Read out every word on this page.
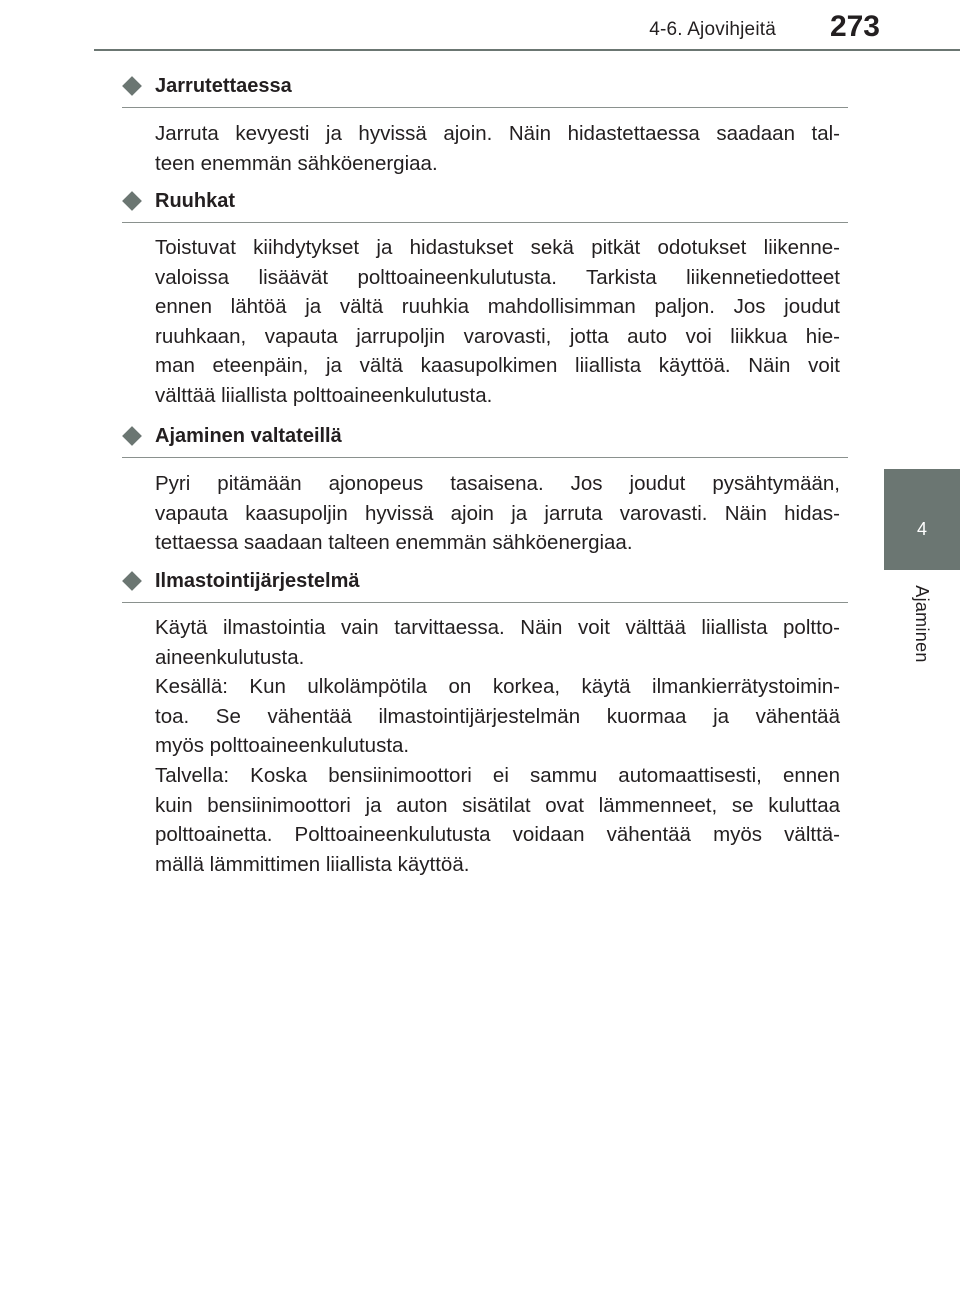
4-6. Ajovihjeitä	273
4
Ajaminen
Jarrutettaessa
Jarruta kevyesti ja hyvissä ajoin. Näin hidastettaessa saadaan tal-
teen enemmän sähköenergiaa.
Ruuhkat
Toistuvat kiihdytykset ja hidastukset sekä pitkät odotukset liikenne-
valoissa lisäävät polttoaineenkulutusta. Tarkista liikennetiedotteet
ennen lähtöä ja vältä ruuhkia mahdollisimman paljon. Jos joudut
ruuhkaan, vapauta jarrupoljin varovasti, jotta auto voi liikkua hie-
man eteenpäin, ja vältä kaasupolkimen liiallista käyttöä. Näin voit
välttää liiallista polttoaineenkulutusta.
Ajaminen valtateillä
Pyri pitämään ajonopeus tasaisena. Jos joudut pysähtymään,
vapauta kaasupoljin hyvissä ajoin ja jarruta varovasti. Näin hidas-
tettaessa saadaan talteen enemmän sähköenergiaa.
Ilmastointijärjestelmä
Käytä ilmastointia vain tarvittaessa. Näin voit välttää liiallista poltto-
aineenkulutusta.
Kesällä: Kun ulkolämpötila on korkea, käytä ilmankierrätystoimin-
toa. Se vähentää ilmastointijärjestelmän kuormaa ja vähentää
myös polttoaineenkulutusta.
Talvella: Koska bensiinimoottori ei sammu automaattisesti, ennen
kuin bensiinimoottori ja auton sisätilat ovat lämmenneet, se kuluttaa
polttoainetta. Polttoaineenkulutusta voidaan vähentää myös välttä-
mällä lämmittimen liiallista käyttöä.
